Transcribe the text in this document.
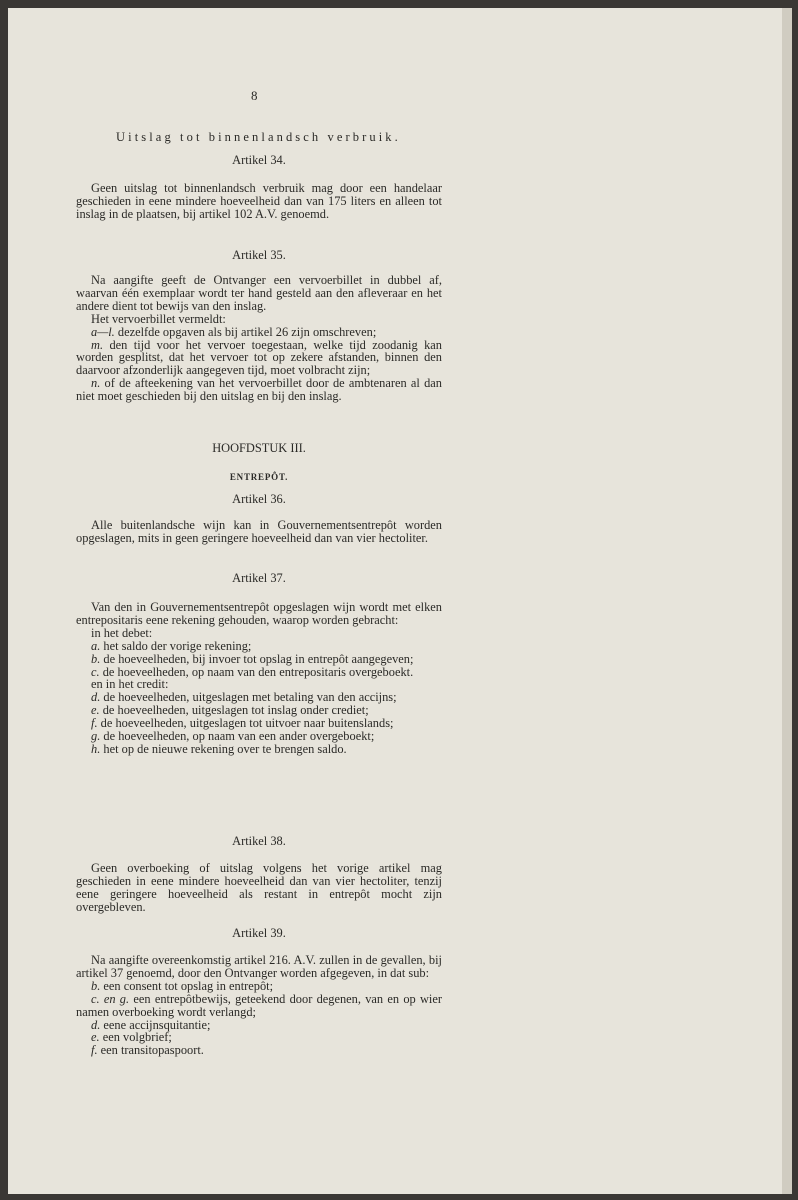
8
Uitslag tot binnenlandsch verbruik.
Artikel 34.
Geen uitslag tot binnenlandsch verbruik mag door een handelaar geschieden in eene mindere hoeveelheid dan van 175 liters en alleen tot inslag in de plaatsen, bij artikel 102 A.V. genoemd.
Artikel 35.
Na aangifte geeft de Ontvanger een vervoerbillet in dubbel af, waarvan één exemplaar wordt ter hand gesteld aan den afleveraar en het andere dient tot bewijs van den inslag.
Het vervoerbillet vermeldt:
a—l. dezelfde opgaven als bij artikel 26 zijn omschreven;
m. den tijd voor het vervoer toegestaan, welke tijd zoodanig kan worden gesplitst, dat het vervoer tot op zekere afstanden, binnen den daarvoor afzonderlijk aangegeven tijd, moet volbracht zijn;
n. of de afteekening van het vervoerbillet door de ambtenaren al dan niet moet geschieden bij den uitslag en bij den inslag.
HOOFDSTUK III.
ENTREPÔT.
Artikel 36.
Alle buitenlandsche wijn kan in Gouvernementsentrepôt worden opgeslagen, mits in geen geringere hoeveelheid dan van vier hectoliter.
Artikel 37.
Van den in Gouvernementsentrepôt opgeslagen wijn wordt met elken entrepositaris eene rekening gehouden, waarop worden gebracht:
in het debet:
a. het saldo der vorige rekening;
b. de hoeveelheden, bij invoer tot opslag in entrepôt aangegeven;
c. de hoeveelheden, op naam van den entrepositaris overgeboekt.
en in het credit:
d. de hoeveelheden, uitgeslagen met betaling van den accijns;
e. de hoeveelheden, uitgeslagen tot inslag onder crediet;
f. de hoeveelheden, uitgeslagen tot uitvoer naar buitenslands;
g. de hoeveelheden, op naam van een ander overgeboekt;
h. het op de nieuwe rekening over te brengen saldo.
Artikel 38.
Geen overboeking of uitslag volgens het vorige artikel mag geschieden in eene mindere hoeveelheid dan van vier hectoliter, tenzij eene geringere hoeveelheid als restant in entrepôt mocht zijn overgebleven.
Artikel 39.
Na aangifte overeenkomstig artikel 216. A.V. zullen in de gevallen, bij artikel 37 genoemd, door den Ontvanger worden afgegeven, in dat sub:
b. een consent tot opslag in entrepôt;
c. en g. een entrepôtbewijs, geteekend door degenen, van en op wier namen overboeking wordt verlangd;
d. eene accijnsquitantie;
e. een volgbrief;
f. een transitopaspoort.
